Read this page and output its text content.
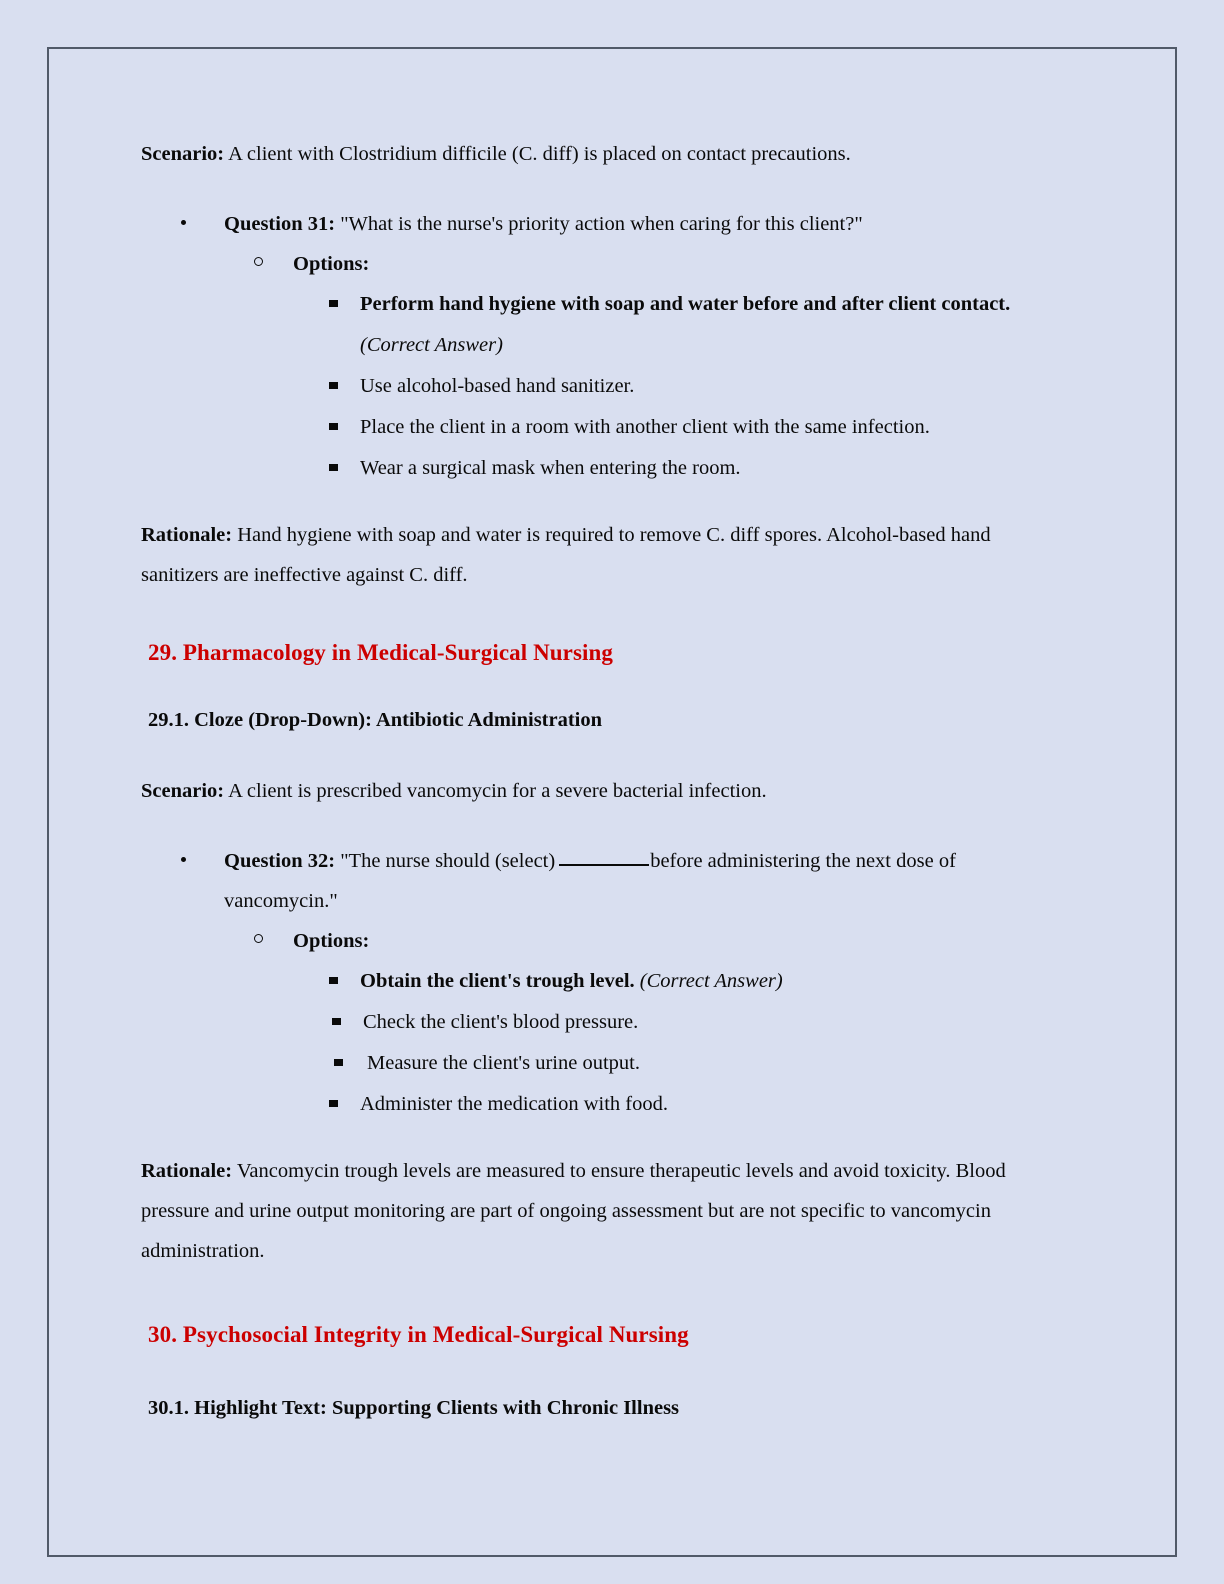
Scenario: A client with Clostridium difficile (C. diff) is placed on contact precautions.

Question 31: "What is the nurse's priority action when caring for this client?"
Options:
Perform hand hygiene with soap and water before and after client contact. (Correct Answer)
Use alcohol-based hand sanitizer.
Place the client in a room with another client with the same infection.
Wear a surgical mask when entering the room.

Rationale: Hand hygiene with soap and water is required to remove C. diff spores. Alcohol-based hand sanitizers are ineffective against C. diff.

29. Pharmacology in Medical-Surgical Nursing
29.1. Cloze (Drop-Down): Antibiotic Administration

Scenario: A client is prescribed vancomycin for a severe bacterial infection.

Question 32: "The nurse should (select)	before administering the next dose of vancomycin."
Options:
Obtain the client's trough level. (Correct Answer)
Check the client's blood pressure.
Measure the client's urine output.
Administer the medication with food.

Rationale: Vancomycin trough levels are measured to ensure therapeutic levels and avoid toxicity. Blood pressure and urine output monitoring are part of ongoing assessment but are not specific to vancomycin administration.

30. Psychosocial Integrity in Medical-Surgical Nursing
30.1. Highlight Text: Supporting Clients with Chronic Illness
